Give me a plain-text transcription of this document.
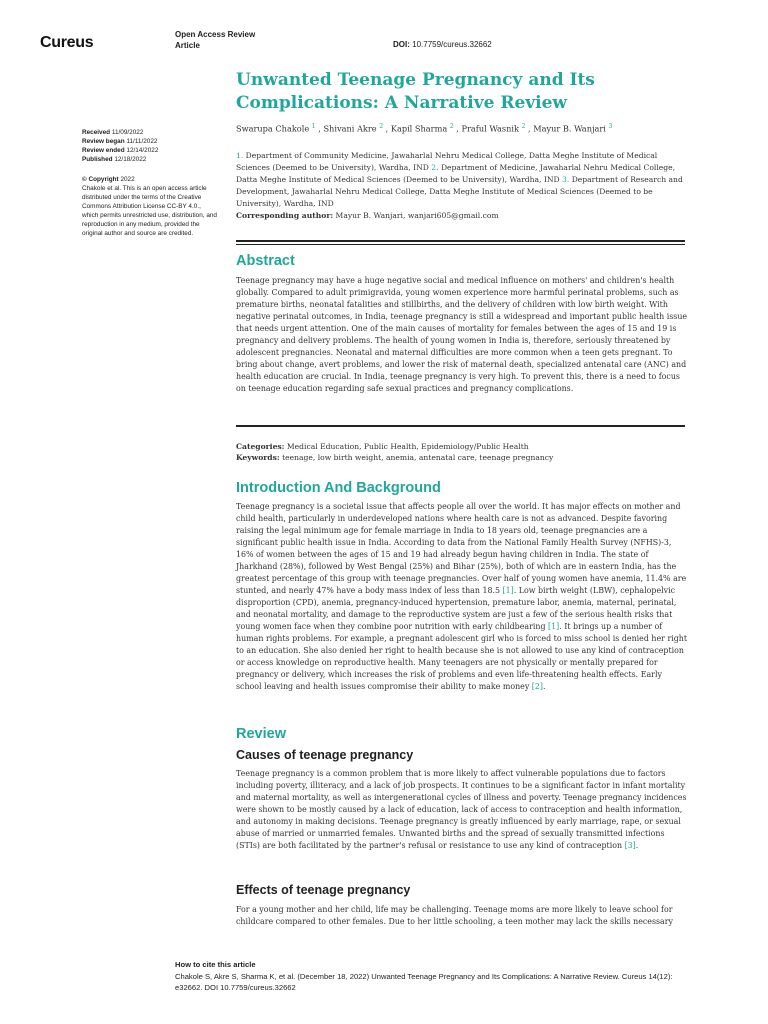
Cureus	Open Access Review
Article	DOI: 10.7759/cureus.32662
Unwanted Teenage Pregnancy and Its Complications: A Narrative Review
Swarupa Chakole $^1$ , Shivani Akre $^2$ , Kapil Sharma $^2$ , Praful Wasnik $^2$ , Mayur B. Wanjari $^3$
1. Department of Community Medicine, Jawaharlal Nehru Medical College, Datta Meghe Institute of Medical Sciences (Deemed to be University), Wardha, IND 2. Department of Medicine, Jawaharlal Nehru Medical College, Datta Meghe Institute of Medical Sciences (Deemed to be University), Wardha, IND 3. Department of Research and Development, Jawaharlal Nehru Medical College, Datta Meghe Institute of Medical Sciences (Deemed to be University), Wardha, IND
Corresponding author: Mayur B. Wanjari, wanjari605@gmail.com
Received 11/09/2022
Review began 11/11/2022
Review ended 12/14/2022
Published 12/18/2022
© Copyright 2022
Chakole et al. This is an open access article distributed under the terms of the Creative Commons Attribution License CC-BY 4.0., which permits unrestricted use, distribution, and reproduction in any medium, provided the original author and source are credited.
Abstract

Teenage pregnancy may have a huge negative social and medical influence on mothers' and children's health globally. Compared to adult primigravida, young women experience more harmful perinatal problems, such as premature births, neonatal fatalities and stillbirths, and the delivery of children with low birth weight. With negative perinatal outcomes, in India, teenage pregnancy is still a widespread and important public health issue that needs urgent attention. One of the main causes of mortality for females between the ages of 15 and 19 is pregnancy and delivery problems. The health of young women in India is, therefore, seriously threatened by adolescent pregnancies. Neonatal and maternal difficulties are more common when a teen gets pregnant. To bring about change, avert problems, and lower the risk of maternal death, specialized antenatal care (ANC) and health education are crucial. In India, teenage pregnancy is very high. To prevent this, there is a need to focus on teenage education regarding safe sexual practices and pregnancy complications.

Categories: Medical Education, Public Health, Epidemiology/Public Health
Keywords: teenage, low birth weight, anemia, antenatal care, teenage pregnancy
Introduction And Background

Teenage pregnancy is a societal issue that affects people all over the world. It has major effects on mother and child health, particularly in underdeveloped nations where health care is not as advanced. Despite favoring raising the legal minimum age for female marriage in India to 18 years old, teenage pregnancies are a significant public health issue in India. According to data from the National Family Health Survey (NFHS)-3, 16% of women between the ages of 15 and 19 had already begun having children in India. The state of Jharkhand (28%), followed by West Bengal (25%) and Bihar (25%), both of which are in eastern India, has the greatest percentage of this group with teenage pregnancies. Over half of young women have anemia, 11.4% are stunted, and nearly 47% have a body mass index of less than 18.5 [1]. Low birth weight (LBW), cephalopelvic disproportion (CPD), anemia, pregnancy-induced hypertension, premature labor, anemia, maternal, perinatal, and neonatal mortality, and damage to the reproductive system are just a few of the serious health risks that young women face when they combine poor nutrition with early childbearing [1]. It brings up a number of human rights problems. For example, a pregnant adolescent girl who is forced to miss school is denied her right to an education. She also denied her right to health because she is not allowed to use any kind of contraception or access knowledge on reproductive health. Many teenagers are not physically or mentally prepared for pregnancy or delivery, which increases the risk of problems and even life-threatening health effects. Early school leaving and health issues compromise their ability to make money [2].

Review
Causes of teenage pregnancy

Teenage pregnancy is a common problem that is more likely to affect vulnerable populations due to factors including poverty, illiteracy, and a lack of job prospects. It continues to be a significant factor in infant mortality and maternal mortality, as well as intergenerational cycles of illness and poverty. Teenage pregnancy incidences were shown to be mostly caused by a lack of education, lack of access to contraception and health information, and autonomy in making decisions. Teenage pregnancy is greatly influenced by early marriage, rape, or sexual abuse of married or unmarried females. Unwanted births and the spread of sexually transmitted infections (STIs) are both facilitated by the partner's refusal or resistance to use any kind of contraception [3].

Effects of teenage pregnancy

For a young mother and her child, life may be challenging. Teenage moms are more likely to leave school for childcare compared to other females. Due to her little schooling, a teen mother may lack the skills necessary

How to cite this article
Chakole S, Akre S, Sharma K, et al. (December 18, 2022) Unwanted Teenage Pregnancy and Its Complications: A Narrative Review. Cureus 14(12): e32662. DOI 10.7759/cureus.32662
